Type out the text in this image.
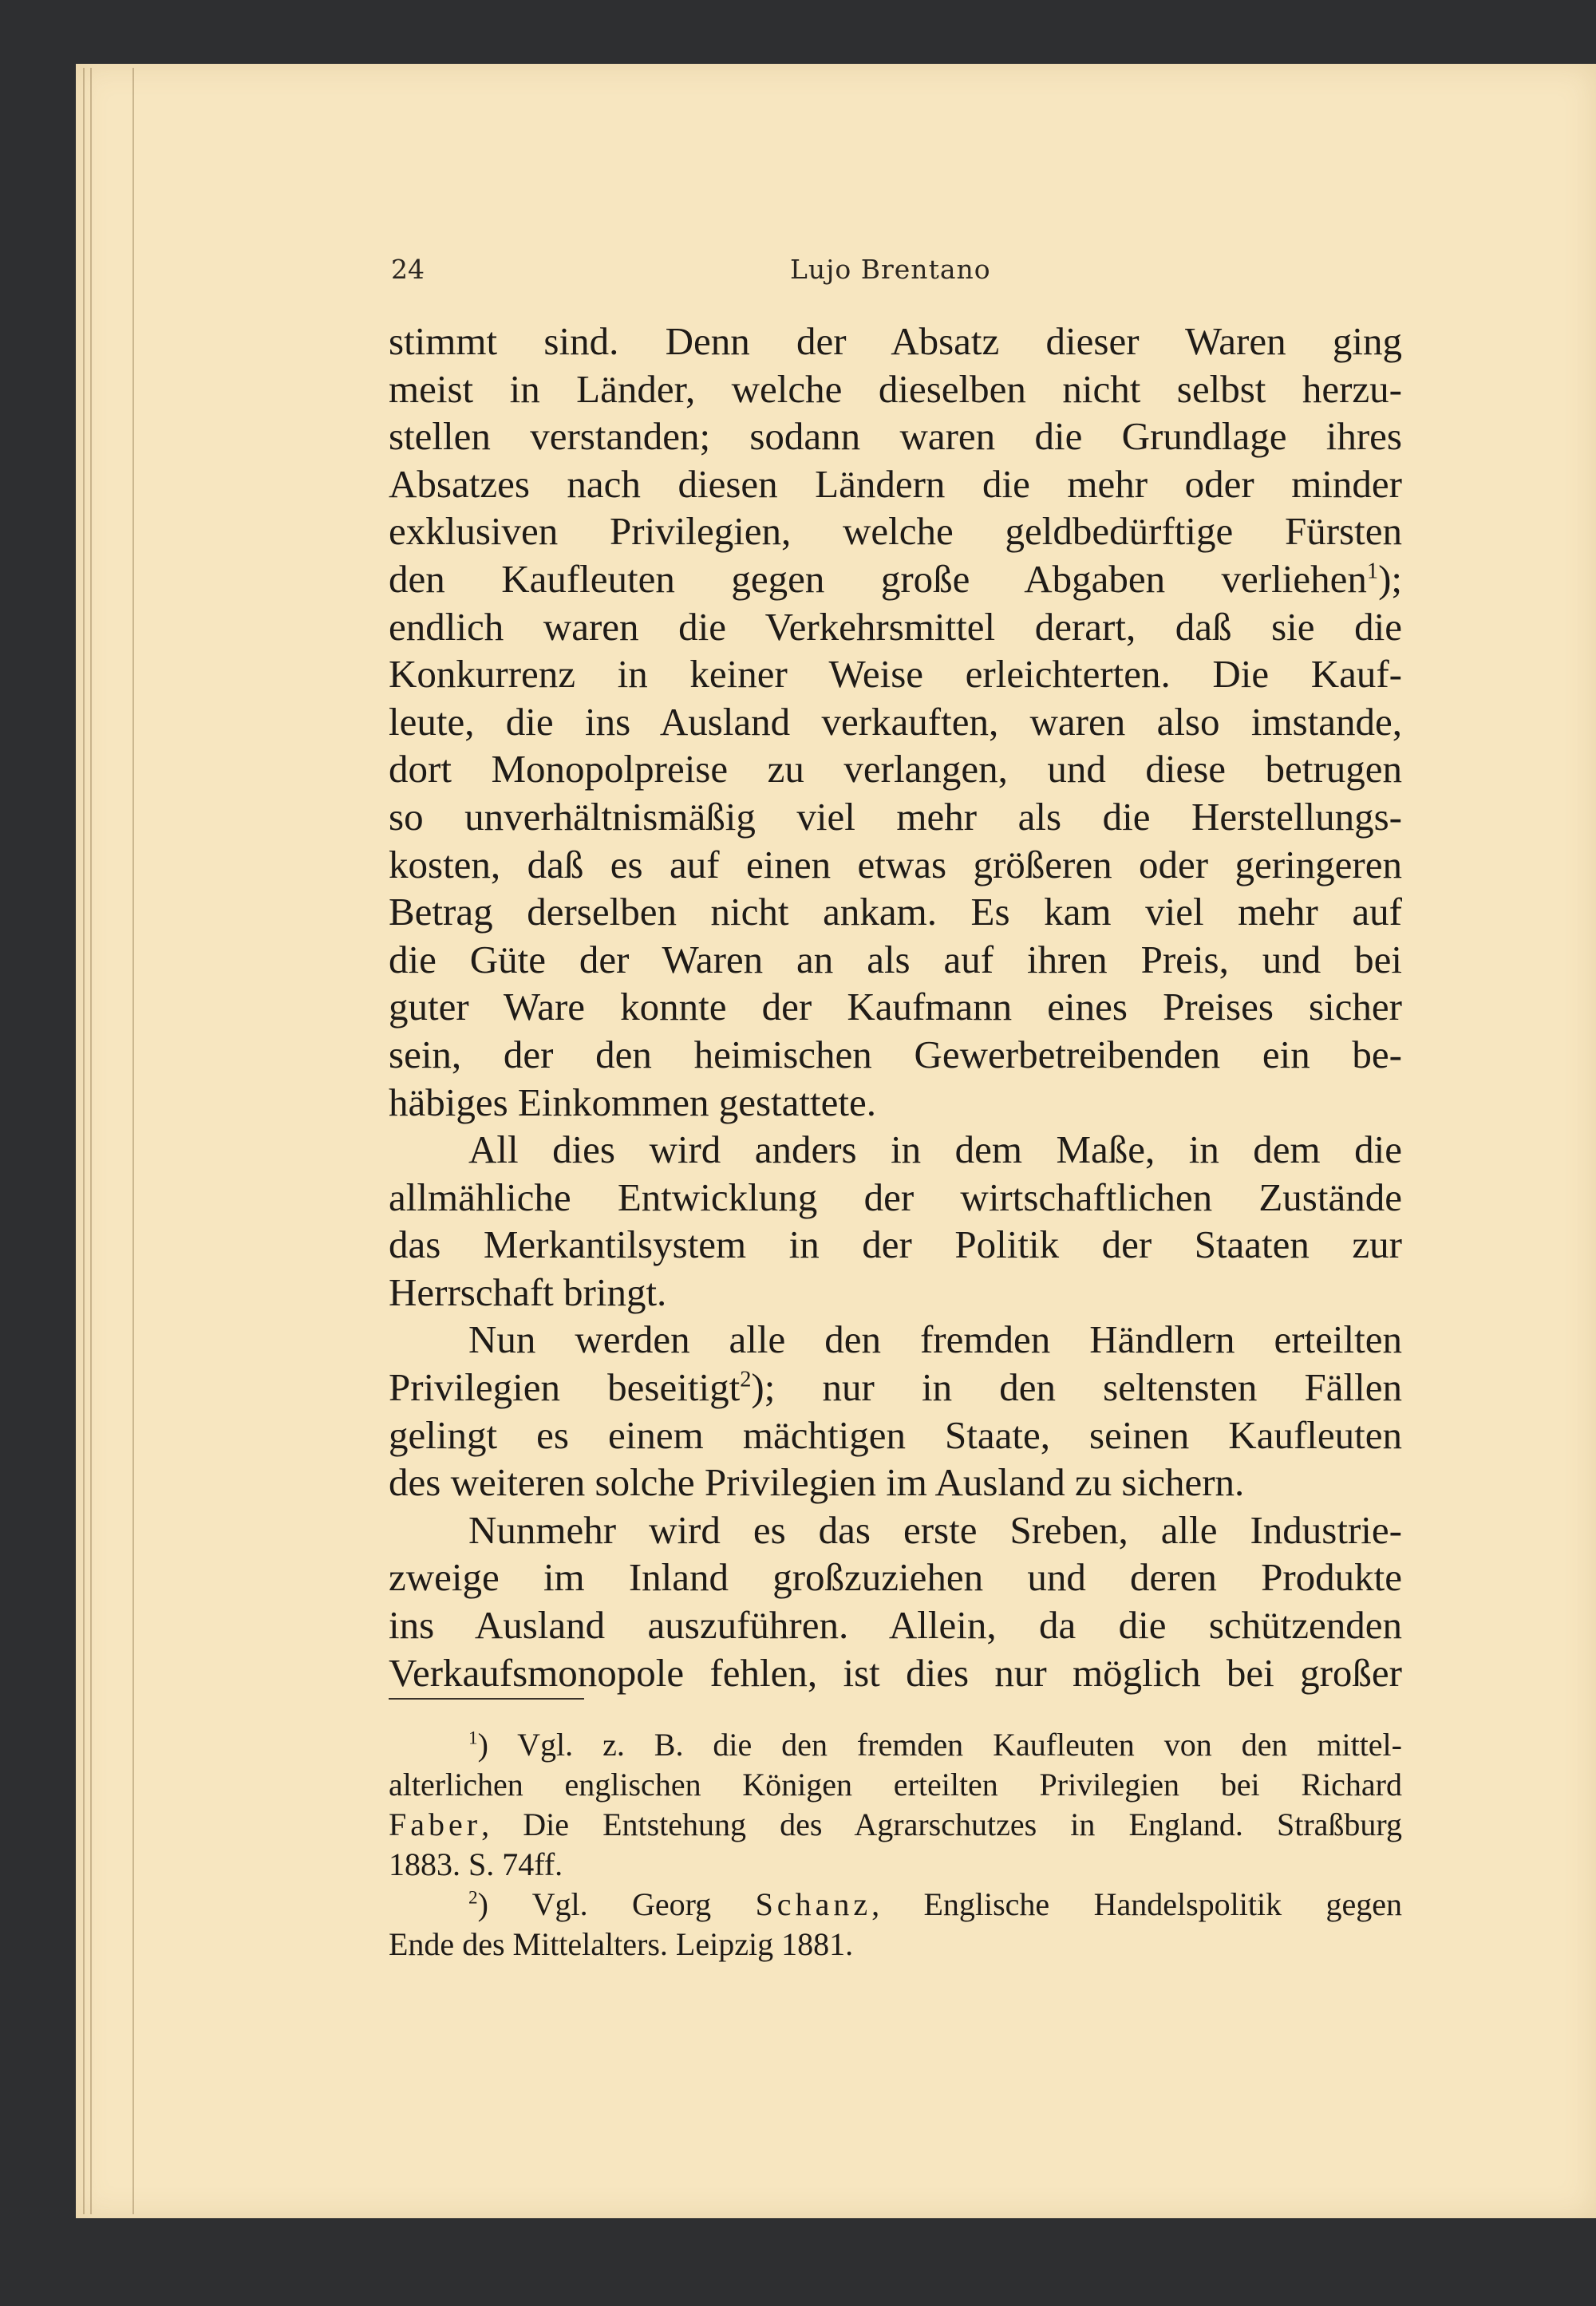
24	Lujo Brentano
stimmt sind. Denn der Absatz dieser Waren ging
meist in Länder, welche dieselben nicht selbst herzu-
stellen verstanden; sodann waren die Grundlage ihres
Absatzes nach diesen Ländern die mehr oder minder
exklusiven Privilegien, welche geldbedürftige Fürsten
den Kaufleuten gegen große Abgaben verliehen$^1$);
endlich waren die Verkehrsmittel derart, daß sie die
Konkurrenz in keiner Weise erleichterten. Die Kauf-
leute, die ins Ausland verkauften, waren also imstande,
dort Monopolpreise zu verlangen, und diese betrugen
so unverhältnismäßig viel mehr als die Herstellungs-
kosten, daß es auf einen etwas größeren oder geringeren
Betrag derselben nicht ankam. Es kam viel mehr auf
die Güte der Waren an als auf ihren Preis, und bei
guter Ware konnte der Kaufmann eines Preises sicher
sein, der den heimischen Gewerbetreibenden ein be-
häbiges Einkommen gestattete.
All dies wird anders in dem Maße, in dem die
allmähliche Entwicklung der wirtschaftlichen Zustände
das Merkantilsystem in der Politik der Staaten zur
Herrschaft bringt.
Nun werden alle den fremden Händlern erteilten
Privilegien beseitigt$^2$); nur in den seltensten Fällen
gelingt es einem mächtigen Staate, seinen Kaufleuten
des weiteren solche Privilegien im Ausland zu sichern.
Nunmehr wird es das erste Sreben, alle Industrie-
zweige im Inland großzuziehen und deren Produkte
ins Ausland auszuführen. Allein, da die schützenden
Verkaufsmonopole fehlen, ist dies nur möglich bei großer
$^1$) Vgl. z. B. die den fremden Kaufleuten von den mittel-
alterlichen englischen Königen erteilten Privilegien bei Richard
Faber, Die Entstehung des Agrarschutzes in England. Straßburg
1883. S. 74ff.
$^2$) Vgl. Georg Schanz, Englische Handelspolitik gegen
Ende des Mittelalters. Leipzig 1881.
